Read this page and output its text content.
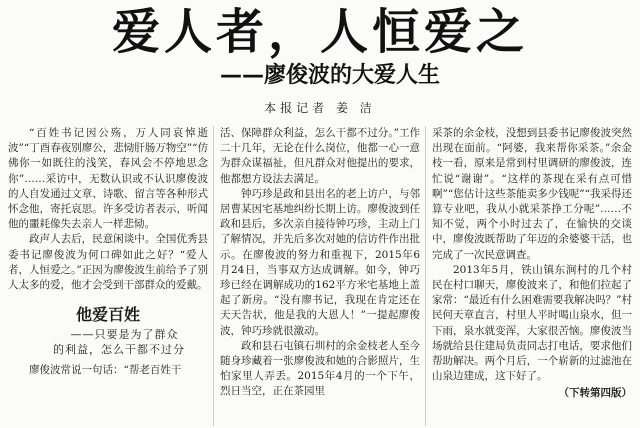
爱人者，人恒爱之
——廖俊波的大爱人生
本报记者 姜 洁

“百姓书记因公殇，万人同哀悼逝波”“丁酉春夜别廖公，悲恸肝肠万物空”“仿佛你一如既往的浅笑，春风会不停地思念你”……采访中，无数认识或不认识廖俊波的人自发通过文章、诗歌、留言等各种形式怀念他，寄托哀思。许多受访者表示，听闻他的噩耗像失去亲人一样悲恸。

政声人去后，民意闲谈中。全国优秀县委书记廖俊波为何口碑如此之好？“爱人者，人恒爱之。”正因为廖俊波生前给予了别人太多的爱，他才会受到干部群众的爱戴。

他爱百姓

——只要是为了群众

的利益，怎么干都不过分

廖俊波常说一句话：“帮老百姓干

活、保障群众利益，怎么干都不过分。”工作二十几年，无论在什么岗位，他都一心一意为群众谋福祉，但凡群众对他提出的要求，他都想方设法去满足。

钟巧珍是政和县出名的老上访户，与邻居曹某因宅基地纠纷长期上访。廖俊波到任政和县后，多次亲自接待钟巧珍，主动上门了解情况，并先后多次对她的信访件作出批示。在廖俊波的努力和重视下，2015年6月24日，当事双方达成调解。如今，钟巧珍已经在调解成功的162平方米宅基地上盖起了新房。“没有廖书记，我现在肯定还在天天告状，他是我的大恩人！”一提起廖俊波，钟巧珍就很激动。

政和县石屯镇石圳村的余金枝老人至今随身珍藏着一张廖俊波和她的合影照片，生怕家里人弄丢。2015年4月的一个下午，烈日当空，正在茶园里

采茶的余金枝，没想到县委书记廖俊波突然出现在面前。“阿婆，我来帮你采茶。”余金枝一看，原来是常到村里调研的廖俊波，连忙说“谢谢”。“这样的茶现在采有点可惜啊”“您估计这些茶能卖多少钱呢”“我采得还算专业吧，我从小就采茶挣工分呢”……不知不觉，两个小时过去了，在愉快的交谈中，廖俊波既帮助了年迈的余婆婆干活，也完成了一次民意调查。

2013年5月，铁山镇东涧村的几个村民在村口聊天，廖俊波来了，和他们拉起了家常：“最近有什么困难需要我解决吗？”村民何天章直言，村里人平时喝山泉水，但一下雨，泉水就变浑，大家很苦恼。廖俊波当场就给县住建局负责同志打电话，要求他们帮助解决。两个月后，一个崭新的过滤池在山泉边建成，这下好了。

（下转第四版）
